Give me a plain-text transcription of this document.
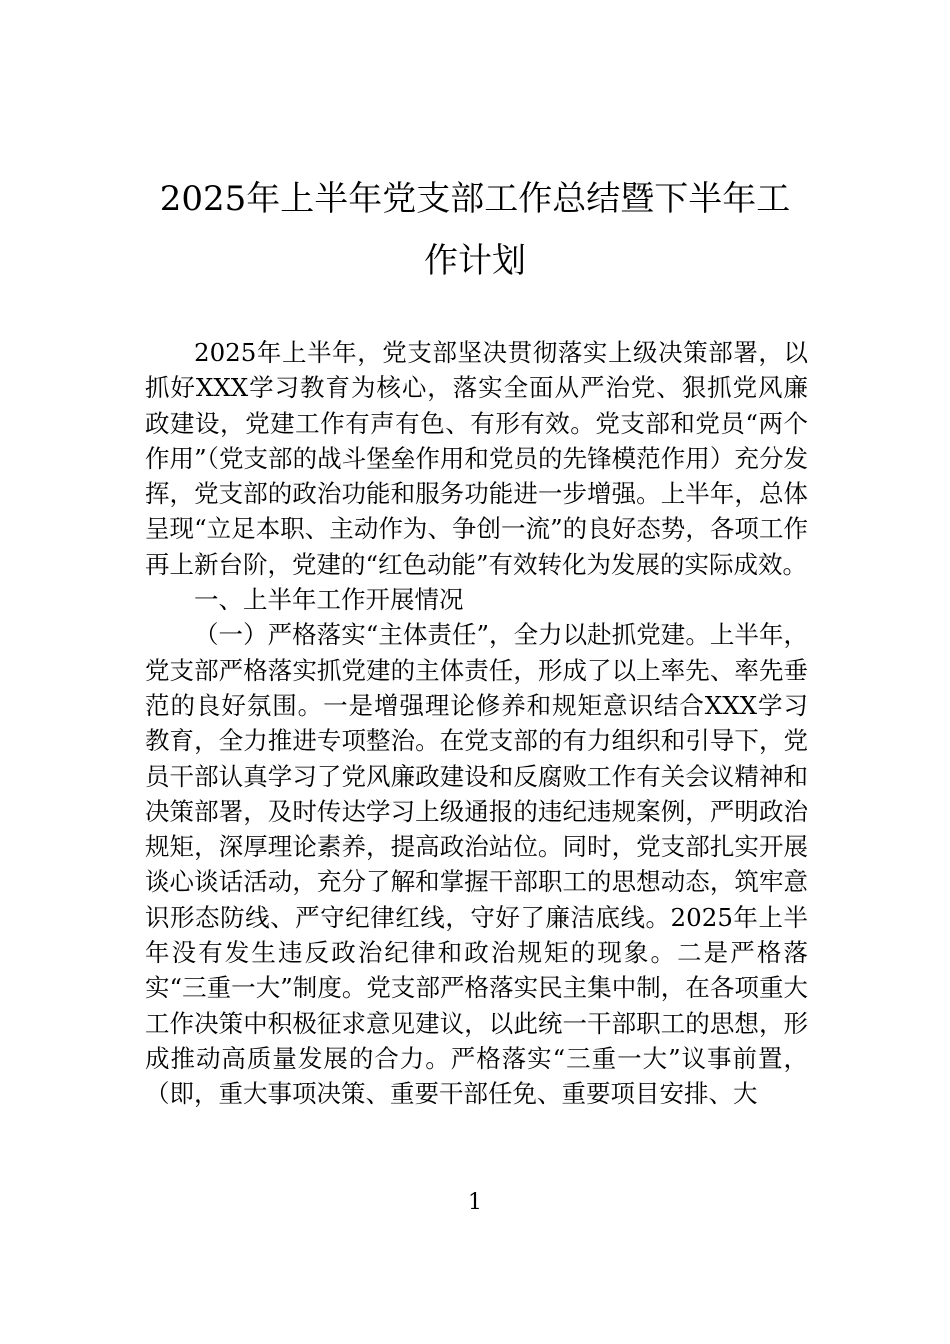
2025年上半年党支部工作总结暨下半年工
作计划

2025年上半年，党支部坚决贯彻落实上级决策部署，以抓好XXX学习教育为核心，落实全面从严治党、狠抓党风廉政建设，党建工作有声有色、有形有效。党支部和党员“两个作用”（党支部的战斗堡垒作用和党员的先锋模范作用）充分发挥，党支部的政治功能和服务功能进一步增强。上半年，总体呈现“立足本职、主动作为、争创一流”的良好态势，各项工作再上新台阶，党建的“红色动能”有效转化为发展的实际成效。

一、上半年工作开展情况

（一）严格落实“主体责任”，全力以赴抓党建。上半年，党支部严格落实抓党建的主体责任，形成了以上率先、率先垂范的良好氛围。一是增强理论修养和规矩意识结合XXX学习教育，全力推进专项整治。在党支部的有力组织和引导下，党员干部认真学习了党风廉政建设和反腐败工作有关会议精神和决策部署，及时传达学习上级通报的违纪违规案例，严明政治规矩，深厚理论素养，提高政治站位。同时，党支部扎实开展谈心谈话活动，充分了解和掌握干部职工的思想动态，筑牢意识形态防线、严守纪律红线，守好了廉洁底线。2025年上半年没有发生违反政治纪律和政治规矩的现象。二是严格落实“三重一大”制度。党支部严格落实民主集中制，在各项重大工作决策中积极征求意见建议，以此统一干部职工的思想，形成推动高质量发展的合力。严格落实“三重一大”议事前置，（即，重大事项决策、重要干部任免、重要项目安排、大

1
